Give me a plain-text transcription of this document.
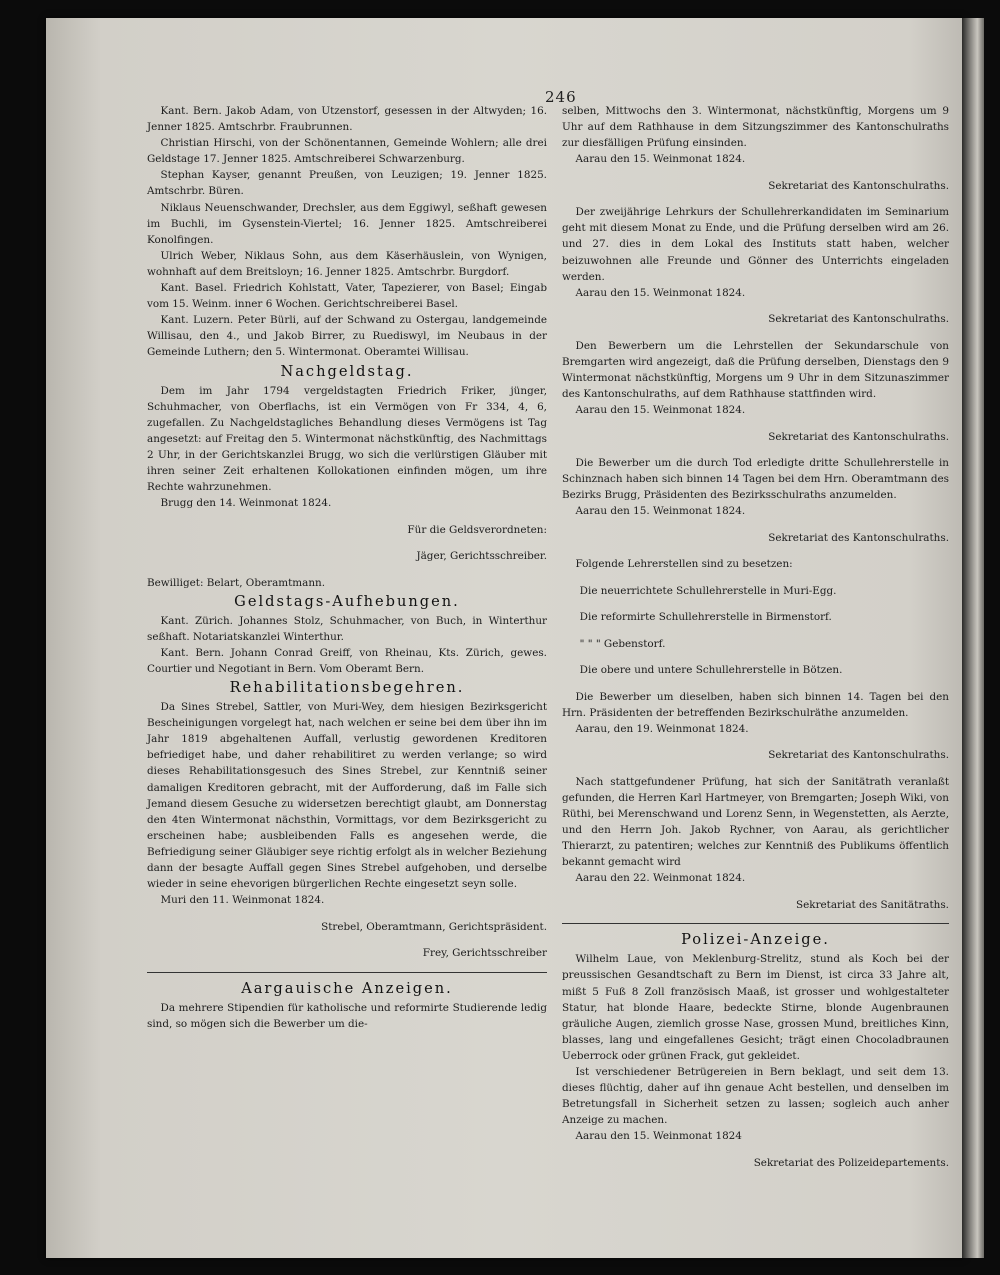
246

Kant. Bern. Jakob Adam, von Utzenstorf, gesessen in der Altwyden; 16. Jenner 1825. Amtschrbr. Fraubrunnen.

Christian Hirschi, von der Schönentannen, Gemeinde Wohlern; alle drei Geldstage 17. Jenner 1825. Amtschreiberei Schwarzenburg.

Stephan Kayser, genannt Preußen, von Leuzigen; 19. Jenner 1825. Amtschrbr. Büren.

Niklaus Neuenschwander, Drechsler, aus dem Eggiwyl, seßhaft gewesen im Buchli, im Gysenstein-Viertel; 16. Jenner 1825. Amtschreiberei Konolfingen.

Ulrich Weber, Niklaus Sohn, aus dem Käserhäuslein, von Wynigen, wohnhaft auf dem Breitsloyn; 16. Jenner 1825. Amtschrbr. Burgdorf.

Kant. Basel. Friedrich Kohlstatt, Vater, Tapezierer, von Basel; Eingab vom 15. Weinm. inner 6 Wochen. Gerichtschreiberei Basel.

Kant. Luzern. Peter Bürli, auf der Schwand zu Ostergau, landgemeinde Willisau, den 4., und Jakob Birrer, zu Ruediswyl, im Neubaus in der Gemeinde Luthern; den 5. Wintermonat. Oberamtei Willisau.

Nachgeldstag.

Dem im Jahr 1794 vergeldstagten Friedrich Friker, jünger, Schuhmacher, von Oberflachs, ist ein Vermögen von Fr 334, 4, 6, zugefallen. Zu Nachgeldstagliches Behandlung dieses Vermögens ist Tag angesetzt: auf Freitag den 5. Wintermonat nächstkünftig, des Nachmittags 2 Uhr, in der Gerichtskanzlei Brugg, wo sich die verlürstigen Gläuber mit ihren seiner Zeit erhaltenen Kollokationen einfinden mögen, um ihre Rechte wahrzunehmen.

Brugg den 14. Weinmonat 1824.

Für die Geldsverordneten:

Jäger, Gerichtsschreiber.

Bewilliget: Belart, Oberamtmann.

Geldstags-Aufhebungen.

Kant. Zürich. Johannes Stolz, Schuhmacher, von Buch, in Winterthur seßhaft. Notariatskanzlei Winterthur.

Kant. Bern. Johann Conrad Greiff, von Rheinau, Kts. Zürich, gewes. Courtier und Negotiant in Bern. Vom Oberamt Bern.

Rehabilitationsbegehren.

Da Sines Strebel, Sattler, von Muri-Wey, dem hiesigen Bezirksgericht Bescheinigungen vorgelegt hat, nach welchen er seine bei dem über ihn im Jahr 1819 abgehaltenen Auffall, verlustig gewordenen Kreditoren befriediget habe, und daher rehabilitiret zu werden verlange; so wird dieses Rehabilitationsgesuch des Sines Strebel, zur Kenntniß seiner damaligen Kreditoren gebracht, mit der Aufforderung, daß im Falle sich Jemand diesem Gesuche zu widersetzen berechtigt glaubt, am Donnerstag den 4ten Wintermonat nächsthin, Vormittags, vor dem Bezirksgericht zu erscheinen habe; ausbleibenden Falls es angesehen werde, die Befriedigung seiner Gläubiger seye richtig erfolgt als in welcher Beziehung dann der besagte Auffall gegen Sines Strebel aufgehoben, und derselbe wieder in seine ehevorigen bürgerlichen Rechte eingesetzt seyn solle.

Muri den 11. Weinmonat 1824.

Strebel, Oberamtmann, Gerichtspräsident.

Frey, Gerichtsschreiber

Aargauische Anzeigen.

Da mehrere Stipendien für katholische und reformirte Studierende ledig sind, so mögen sich die Bewerber um die-

selben, Mittwochs den 3. Wintermonat, nächstkünftig, Morgens um 9 Uhr auf dem Rathhause in dem Sitzungszimmer des Kantonschulraths zur diesfälligen Prüfung einsinden.

Aarau den 15. Weinmonat 1824.

Sekretariat des Kantonschulraths.

Der zweijährige Lehrkurs der Schullehrerkandidaten im Seminarium geht mit diesem Monat zu Ende, und die Prüfung derselben wird am 26. und 27. dies in dem Lokal des Instituts statt haben, welcher beizuwohnen alle Freunde und Gönner des Unterrichts eingeladen werden.

Aarau den 15. Weinmonat 1824.

Sekretariat des Kantonschulraths.

Den Bewerbern um die Lehrstellen der Sekundarschule von Bremgarten wird angezeigt, daß die Prüfung derselben, Dienstags den 9 Wintermonat nächstkünftig, Morgens um 9 Uhr in dem Sitzunaszimmer des Kantonschulraths, auf dem Rathhause stattfinden wird.

Aarau den 15. Weinmonat 1824.

Sekretariat des Kantonschulraths.

Die Bewerber um die durch Tod erledigte dritte Schullehrerstelle in Schinznach haben sich binnen 14 Tagen bei dem Hrn. Oberamtmann des Bezirks Brugg, Präsidenten des Bezirksschulraths anzumelden.

Aarau den 15. Weinmonat 1824.

Sekretariat des Kantonschulraths.

Folgende Lehrerstellen sind zu besetzen:

Die neuerrichtete Schullehrerstelle in Muri-Egg.

Die reformirte Schullehrerstelle in Birmenstorf.

" " " Gebenstorf.

Die obere und untere Schullehrerstelle in Bötzen.

Die Bewerber um dieselben, haben sich binnen 14. Tagen bei den Hrn. Präsidenten der betreffenden Bezirkschulräthe anzumelden.

Aarau, den 19. Weinmonat 1824.

Sekretariat des Kantonschulraths.

Nach stattgefundener Prüfung, hat sich der Sanitätrath veranlaßt gefunden, die Herren Karl Hartmeyer, von Bremgarten; Joseph Wiki, von Rüthi, bei Merenschwand und Lorenz Senn, in Wegenstetten, als Aerzte, und den Herrn Joh. Jakob Rychner, von Aarau, als gerichtlicher Thierarzt, zu patentiren; welches zur Kenntniß des Publikums öffentlich bekannt gemacht wird

Aarau den 22. Weinmonat 1824.

Sekretariat des Sanitätraths.

Polizei-Anzeige.

Wilhelm Laue, von Meklenburg-Strelitz, stund als Koch bei der preussischen Gesandtschaft zu Bern im Dienst, ist circa 33 Jahre alt, mißt 5 Fuß 8 Zoll französisch Maaß, ist grosser und wohlgestalteter Statur, hat blonde Haare, bedeckte Stirne, blonde Augenbraunen gräuliche Augen, ziemlich grosse Nase, grossen Mund, breitliches Kinn, blasses, lang und eingefallenes Gesicht; trägt einen Chocoladbraunen Ueberrock oder grünen Frack, gut gekleidet.

Ist verschiedener Betrügereien in Bern beklagt, und seit dem 13. dieses flüchtig, daher auf ihn genaue Acht bestellen, und denselben im Betretungsfall in Sicherheit setzen zu lassen; sogleich auch anher Anzeige zu machen.

Aarau den 15. Weinmonat 1824

Sekretariat des Polizeidepartements.
